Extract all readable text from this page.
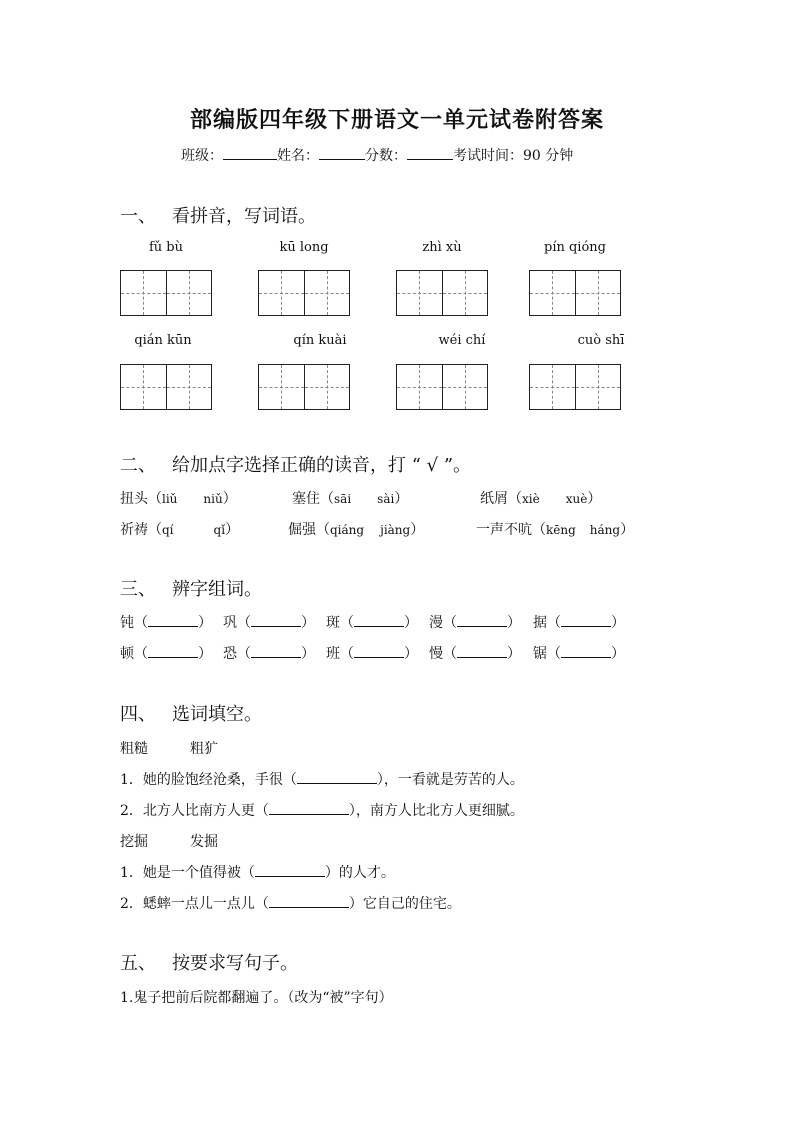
部编版四年级下册语文一单元试卷附答案
班级：	姓名：	分数：	考试时间：90 分钟
一、 看拼音，写词语。
fǔ bù	kū long	zhì xù	pín qióng
qián kūn	qín kuài	wéi chí	cuò shī
二、 给加点字选择正确的读音，打 “ √ ”。
扭头（liǔ niǔ）	塞住（sāi sài）	纸屑（xiè xuè）
祈祷（qí	qǐ）	倔强（qiáng jiàng）	一声不吭（kēng háng）
三、 辨字组词。
钝（	） 巩（	） 斑（	） 漫（	） 据（	）
顿（	） 恐（	） 班（	） 慢（	） 锯（	）
四、 选词填空。
粗糙　　　粗犷
1．她的脸饱经沧桑，手很（	），一看就是劳苦的人。
2．北方人比南方人更（	），南方人比北方人更细腻。
挖掘　　　发掘
1．她是一个值得被（	）的人才。
2．蟋蟀一点儿一点儿（	）它自己的住宅。
五、 按要求写句子。
1.鬼子把前后院都翻遍了。（改为“被”字句）
